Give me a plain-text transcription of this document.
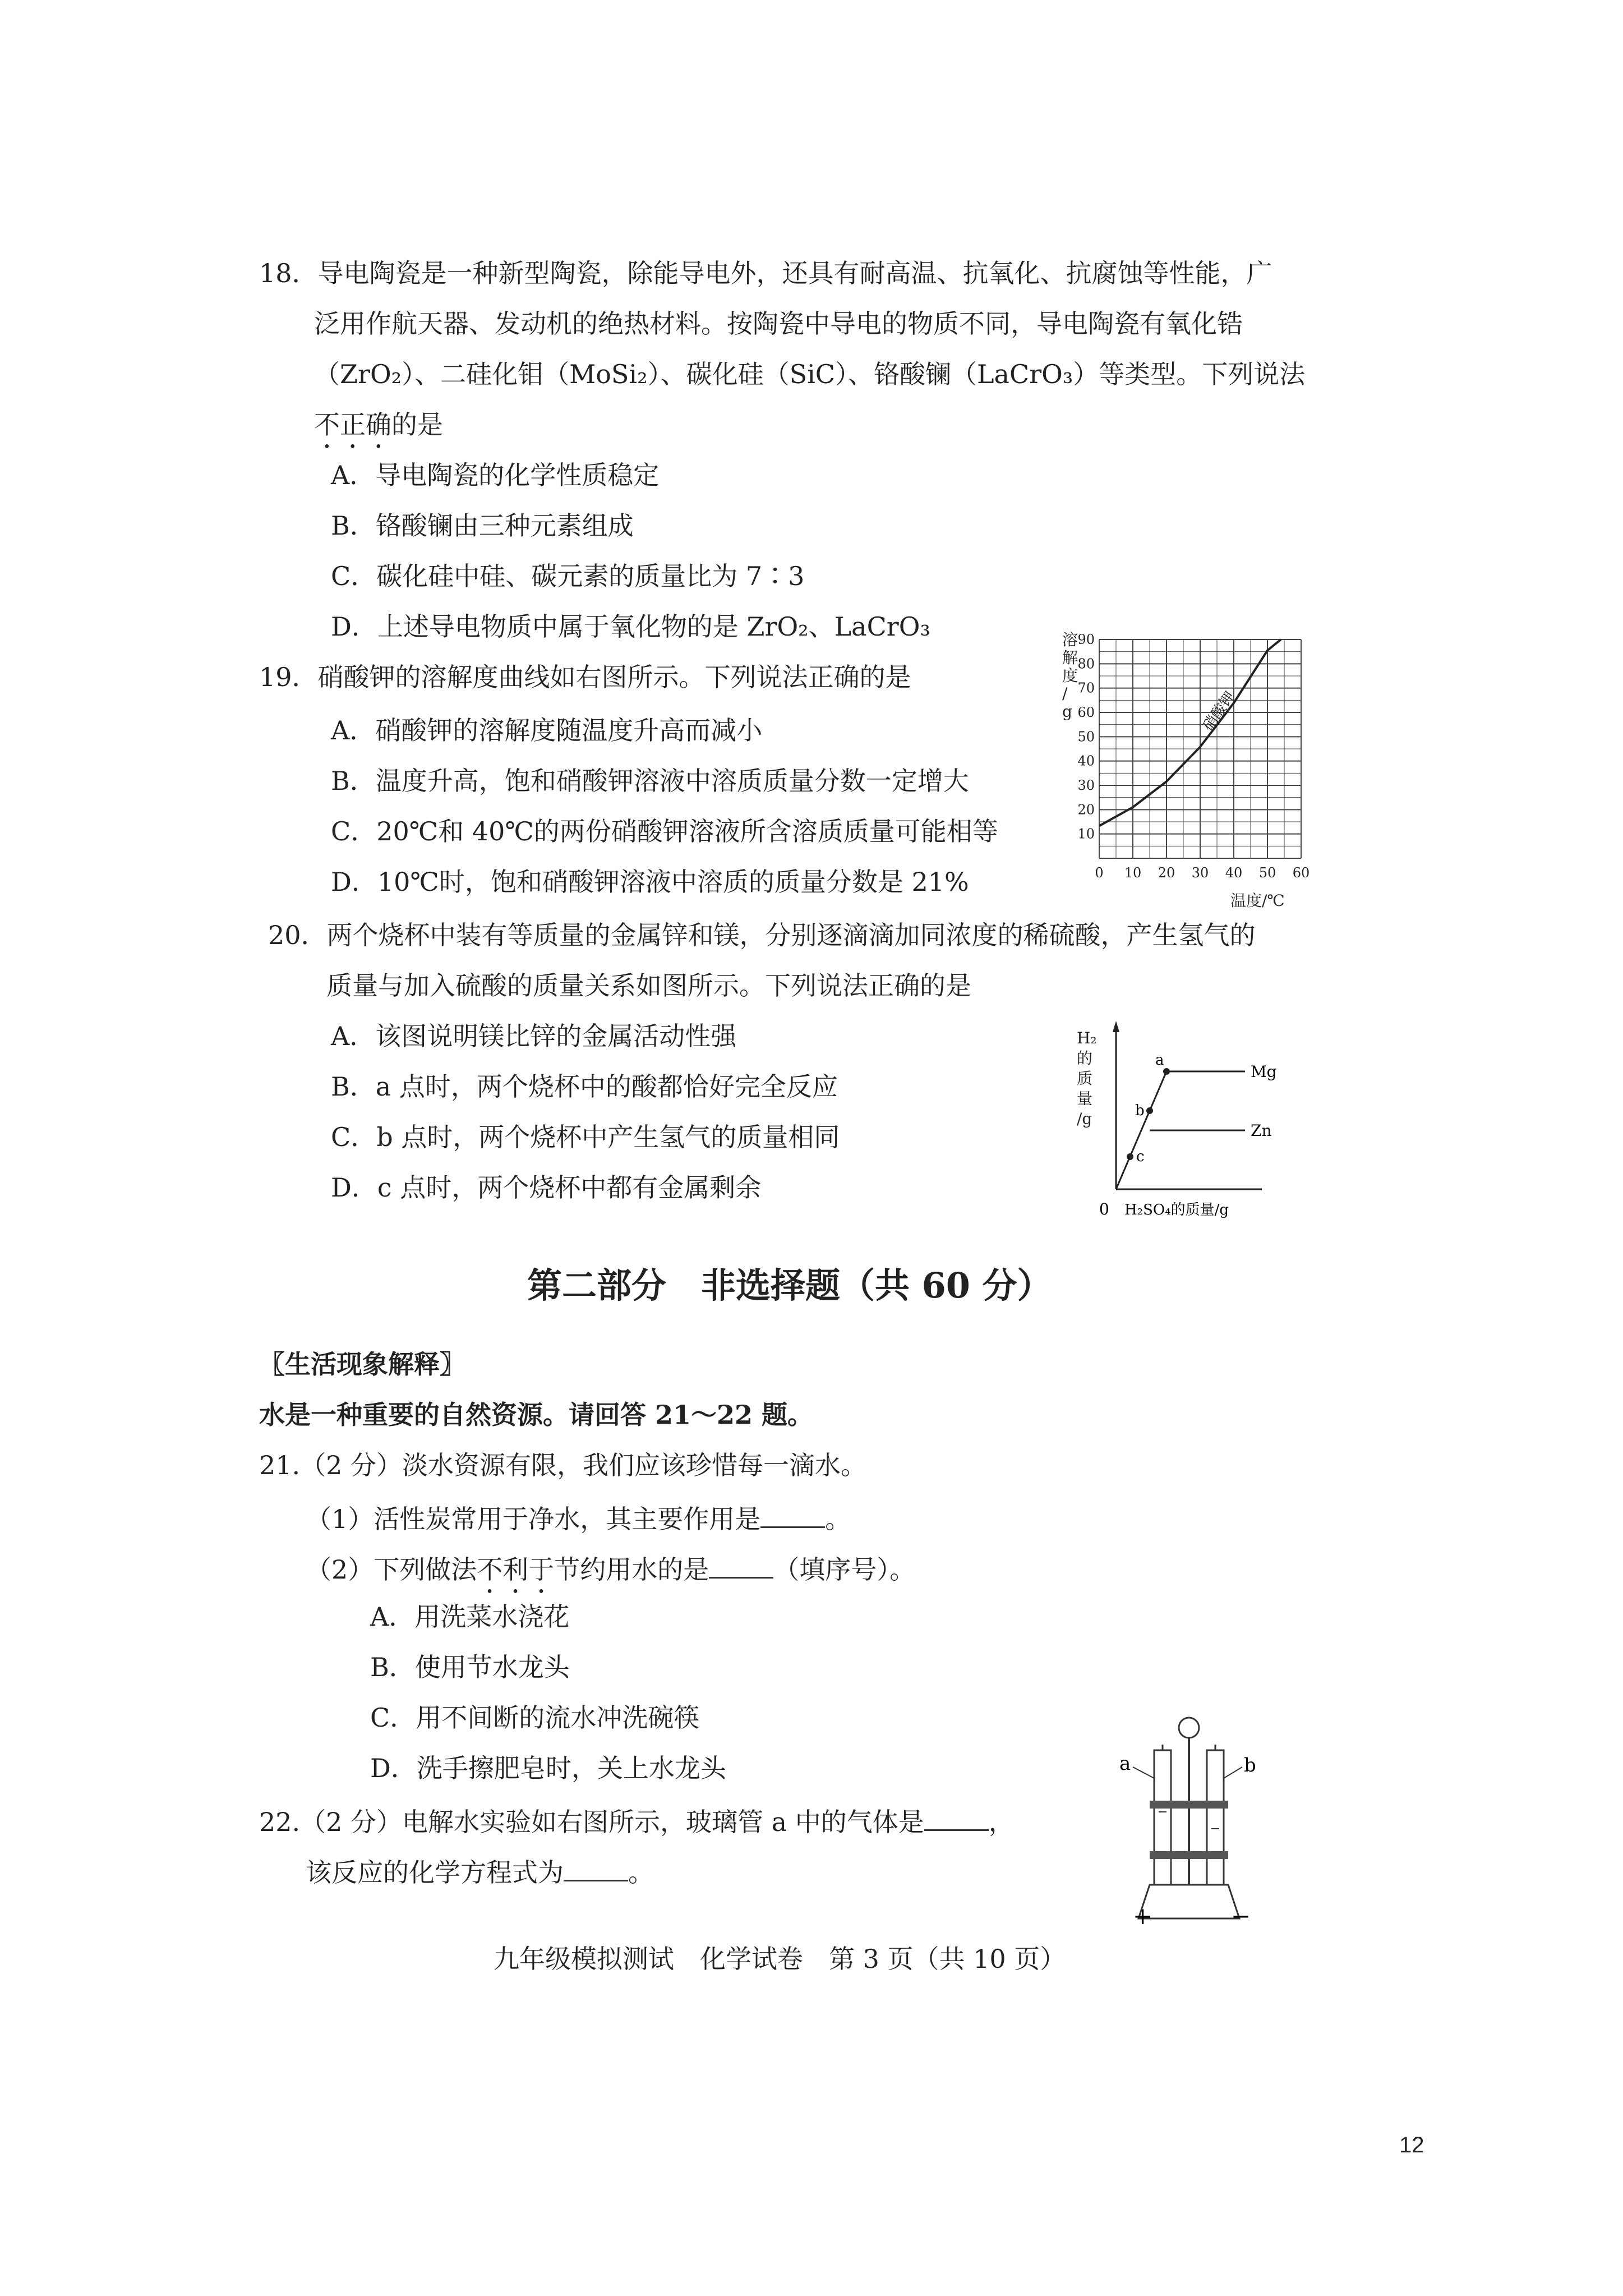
18．导电陶瓷是一种新型陶瓷，除能导电外，还具有耐高温、抗氧化、抗腐蚀等性能，广
泛用作航天器、发动机的绝热材料。按陶瓷中导电的物质不同，导电陶瓷有氧化锆
（ZrO₂）、二硅化钼（MoSi₂）、碳化硅（SiC）、铬酸镧（LaCrO₃）等类型。下列说法
不正确的是
A．导电陶瓷的化学性质稳定
B．铬酸镧由三种元素组成
C．碳化硅中硅、碳元素的质量比为 7∶3
D．上述导电物质中属于氧化物的是 ZrO₂、LaCrO₃
19．硝酸钾的溶解度曲线如右图所示。下列说法正确的是
A．硝酸钾的溶解度随温度升高而减小
B．温度升高，饱和硝酸钾溶液中溶质质量分数一定增大
C．20℃和 40℃的两份硝酸钾溶液所含溶质质量可能相等
D．10℃时，饱和硝酸钾溶液中溶质的质量分数是 21%	0 10 20 30 40 50 60
10
20
30
40
50
60
70
80
90
硝酸钾
温度/℃
溶
解
度
/
g
20．两个烧杯中装有等质量的金属锌和镁，分别逐滴滴加同浓度的稀硫酸，产生氢气的
质量与加入硫酸的质量关系如图所示。下列说法正确的是
A．该图说明镁比锌的金属活动性强
B．a 点时，两个烧杯中的酸都恰好完全反应
C．b 点时，两个烧杯中产生氢气的质量相同
D．c 点时，两个烧杯中都有金属剩余
a
b
c
Mg
Zn
0 H₂SO₄的质量/g
H₂
的
质
量
/g
第二部分　非选择题（共 60 分）
〖生活现象解释〗
水是一种重要的自然资源。请回答 21～22 题。
21.（2 分）淡水资源有限，我们应该珍惜每一滴水。
（1）活性炭常用于净水，其主要作用是	。
（2）下列做法不利于节约用水的是	（填序号）。
A．用洗菜水浇花
B．使用节水龙头
C．用不间断的流水冲洗碗筷
D．洗手擦肥皂时，关上水龙头
22.（2 分）电解水实验如右图所示，玻璃管 a 中的气体是	，
该反应的化学方程式为	。
a	b
+	−
九年级模拟测试　化学试卷　第 3 页（共 10 页）
12
